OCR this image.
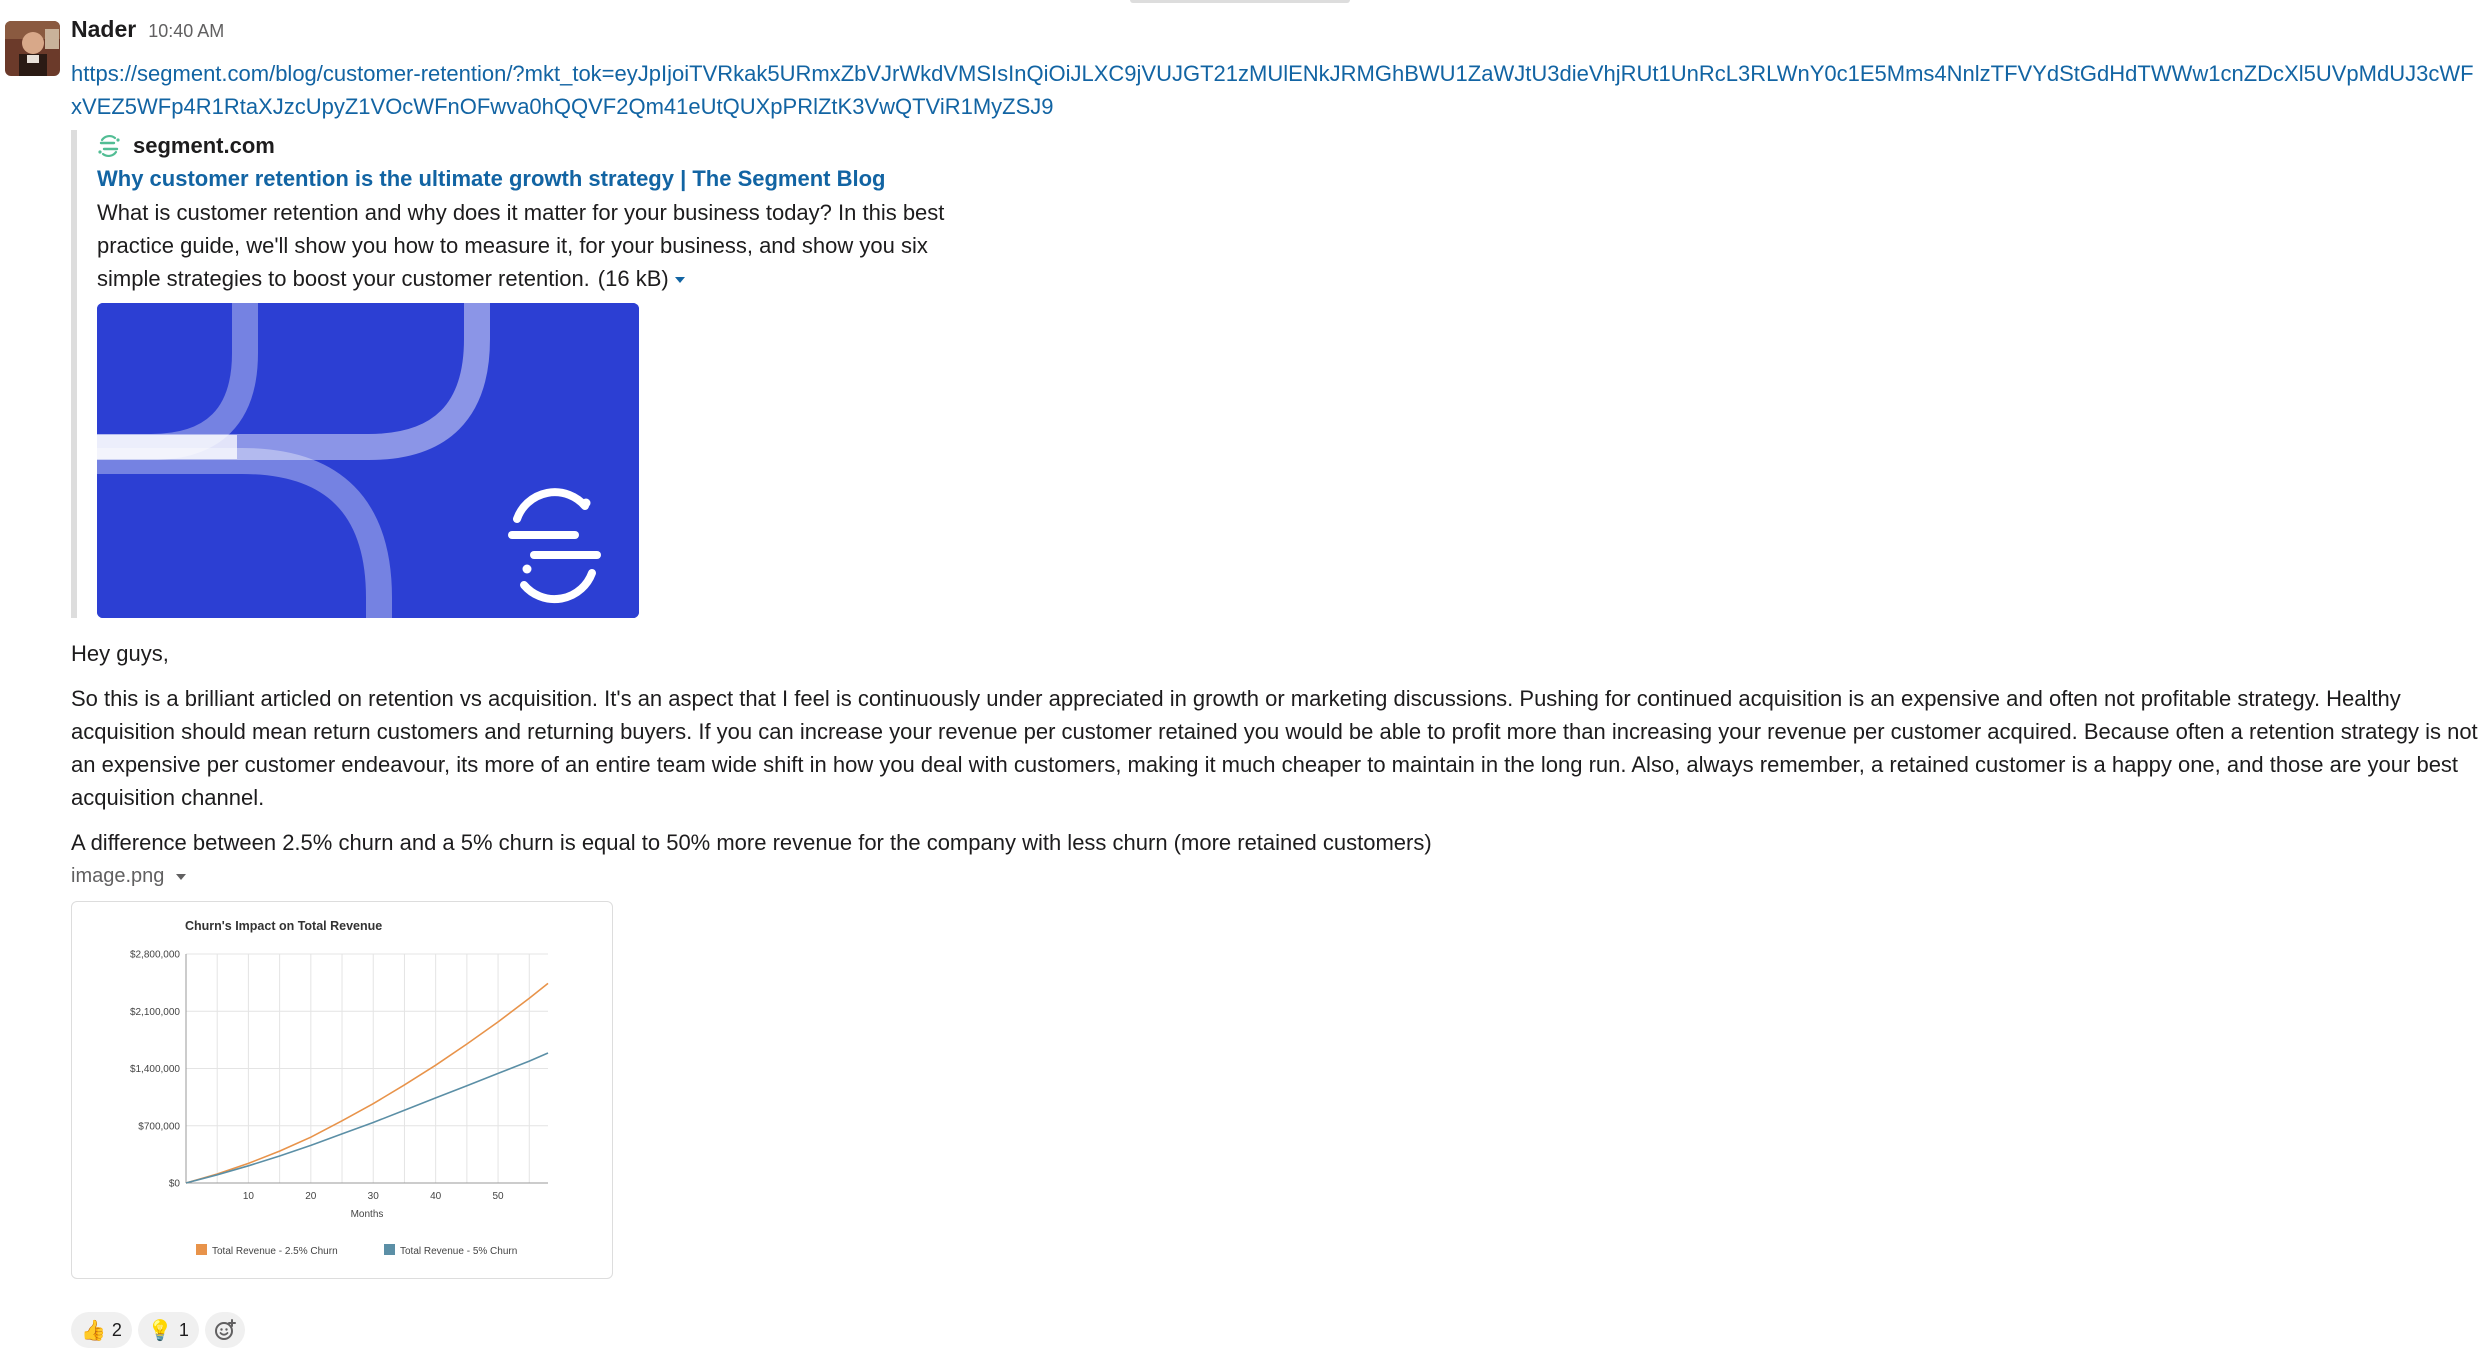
Nader 10:40 AM
https://segment.com/blog/customer-retention/?mkt_tok=eyJpIjoiTVRkak5URmxZbVJrWkdVMSIsInQiOiJLXC9jVUJGT21zMUlENkJRMGhBWU1ZaWJtU3dieVhjRUt1UnRcL3RLWnY0c1E5Mms4NnlzTFVYdStGdHdTWWw1cnZDcXl5UVpMdUJ3cWFxVEZ5WFp4R1RtaXJzcUpyZ1VOcWFnOFwva0hQQVF2Qm41eUtQUXpPRlZtK3VwQTViR1MyZSJ9
segment.com
Why customer retention is the ultimate growth strategy | The Segment Blog
What is customer retention and why does it matter for your business today? In this best practice guide, we'll show you how to measure it, for your business, and show you six simple strategies to boost your customer retention. (16 kB)
Hey guys,
So this is a brilliant articled on retention vs acquisition. It's an aspect that I feel is continuously under appreciated in growth or marketing discussions. Pushing for continued acquisition is an expensive and often not profitable strategy. Healthy acquisition should mean return customers and returning buyers. If you can increase your revenue per customer retained you would be able to profit more than increasing your revenue per customer acquired. Because often a retention strategy is not an expensive per customer endeavour, its more of an entire team wide shift in how you deal with customers, making it much cheaper to maintain in the long run. Also, always remember, a retained customer is a happy one, and those are your best acquisition channel.
A difference between 2.5% churn and a 5% churn is equal to 50% more revenue for the company with less churn (more retained customers)
image.png
Churn's Impact on Total Revenue
$0
$700,000
$1,400,000
$2,100,000
$2,800,000
10	20	30	40	50
Months
Total Revenue - 2.5% Churn	Total Revenue - 5% Churn
👍 2 💡 1
